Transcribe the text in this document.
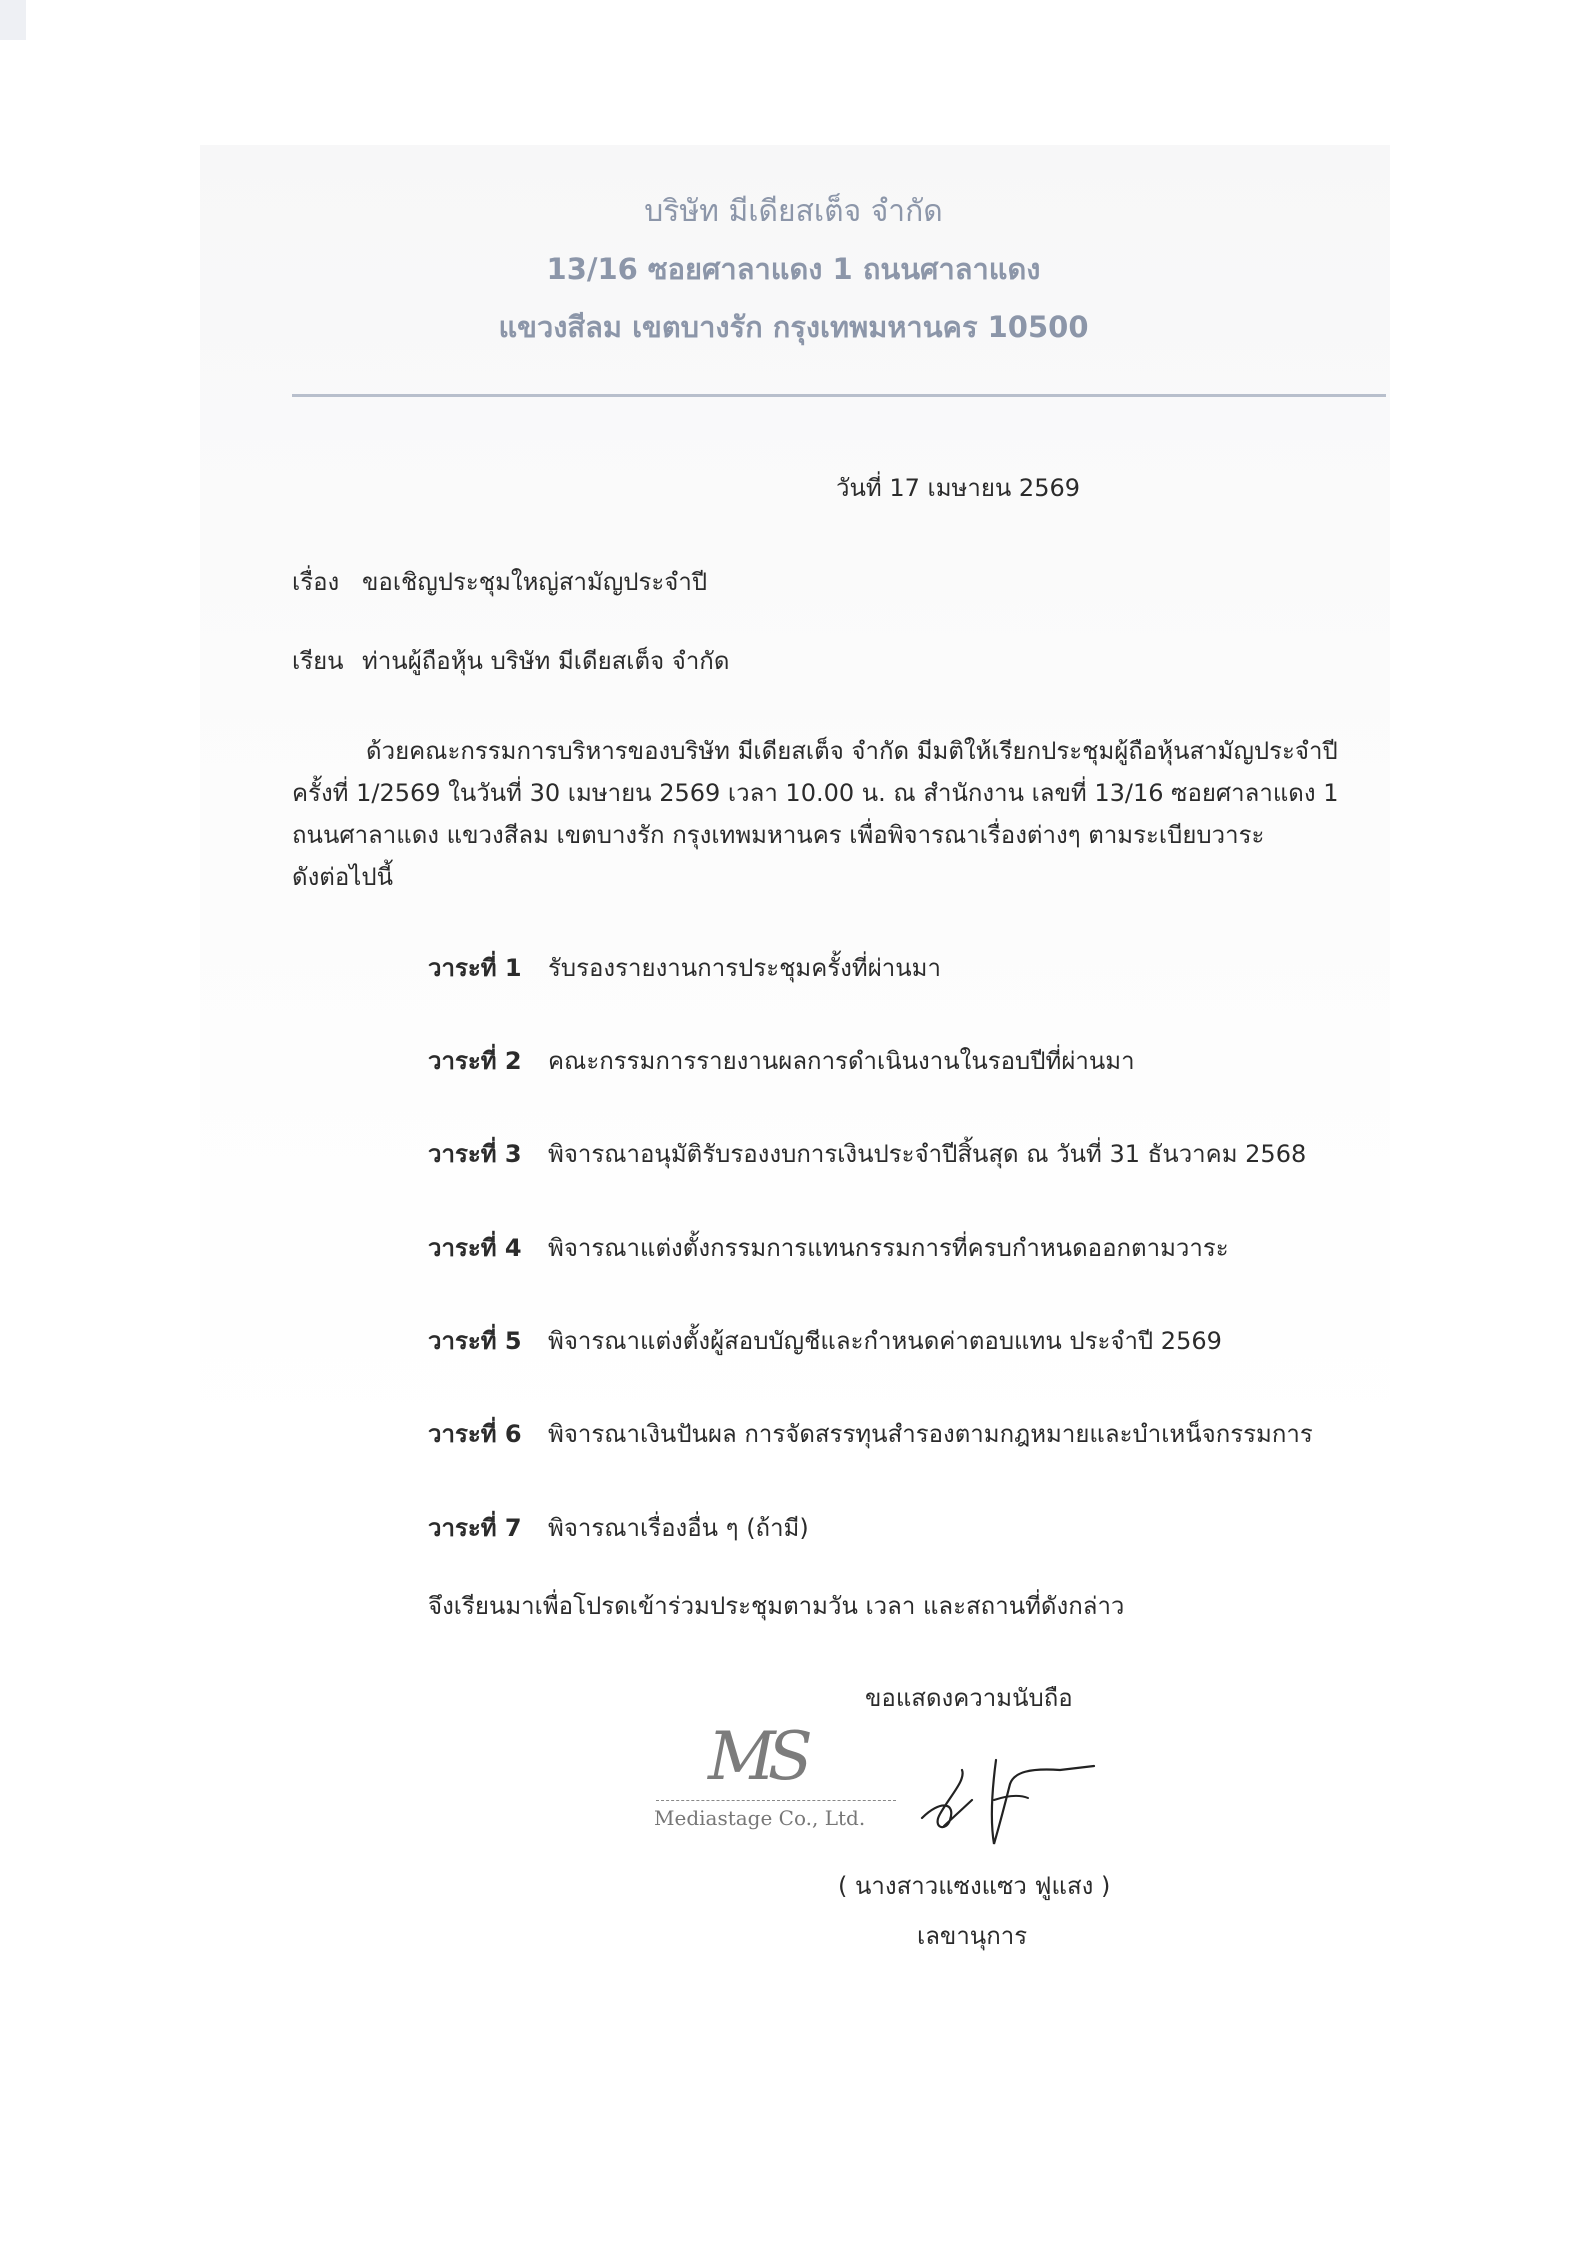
บริษัท มีเดียสเต็จ จำกัด
13/16 ซอยศาลาแดง 1 ถนนศาลาแดง
แขวงสีลม เขตบางรัก กรุงเทพมหานคร 10500
วันที่ 17 เมษายน 2569
เรื่อง ขอเชิญประชุมใหญ่สามัญประจำปี
เรียน ท่านผู้ถือหุ้น บริษัท มีเดียสเต็จ จำกัด
ด้วยคณะกรรมการบริหารของบริษัท มีเดียสเต็จ จำกัด มีมติให้เรียกประชุมผู้ถือหุ้นสามัญประจำปี
ครั้งที่ 1/2569 ในวันที่ 30 เมษายน 2569 เวลา 10.00 น. ณ สำนักงาน เลขที่ 13/16 ซอยศาลาแดง 1
ถนนศาลาแดง แขวงสีลม เขตบางรัก กรุงเทพมหานคร เพื่อพิจารณาเรื่องต่างๆ ตามระเบียบวาระ
ดังต่อไปนี้
วาระที่ 1 รับรองรายงานการประชุมครั้งที่ผ่านมา
วาระที่ 2 คณะกรรมการรายงานผลการดำเนินงานในรอบปีที่ผ่านมา
วาระที่ 3 พิจารณาอนุมัติรับรองงบการเงินประจำปีสิ้นสุด ณ วันที่ 31 ธันวาคม 2568
วาระที่ 4 พิจารณาแต่งตั้งกรรมการแทนกรรมการที่ครบกำหนดออกตามวาระ
วาระที่ 5 พิจารณาแต่งตั้งผู้สอบบัญชีและกำหนดค่าตอบแทน ประจำปี 2569
วาระที่ 6 พิจารณาเงินปันผล การจัดสรรทุนสำรองตามกฎหมายและบำเหน็จกรรมการ
วาระที่ 7 พิจารณาเรื่องอื่น ๆ (ถ้ามี)
จึงเรียนมาเพื่อโปรดเข้าร่วมประชุมตามวัน เวลา และสถานที่ดังกล่าว
ขอแสดงความนับถือ
MS
Mediastage Co., Ltd.
( นางสาวแซงแซว ฟูแสง )
เลขานุการ
